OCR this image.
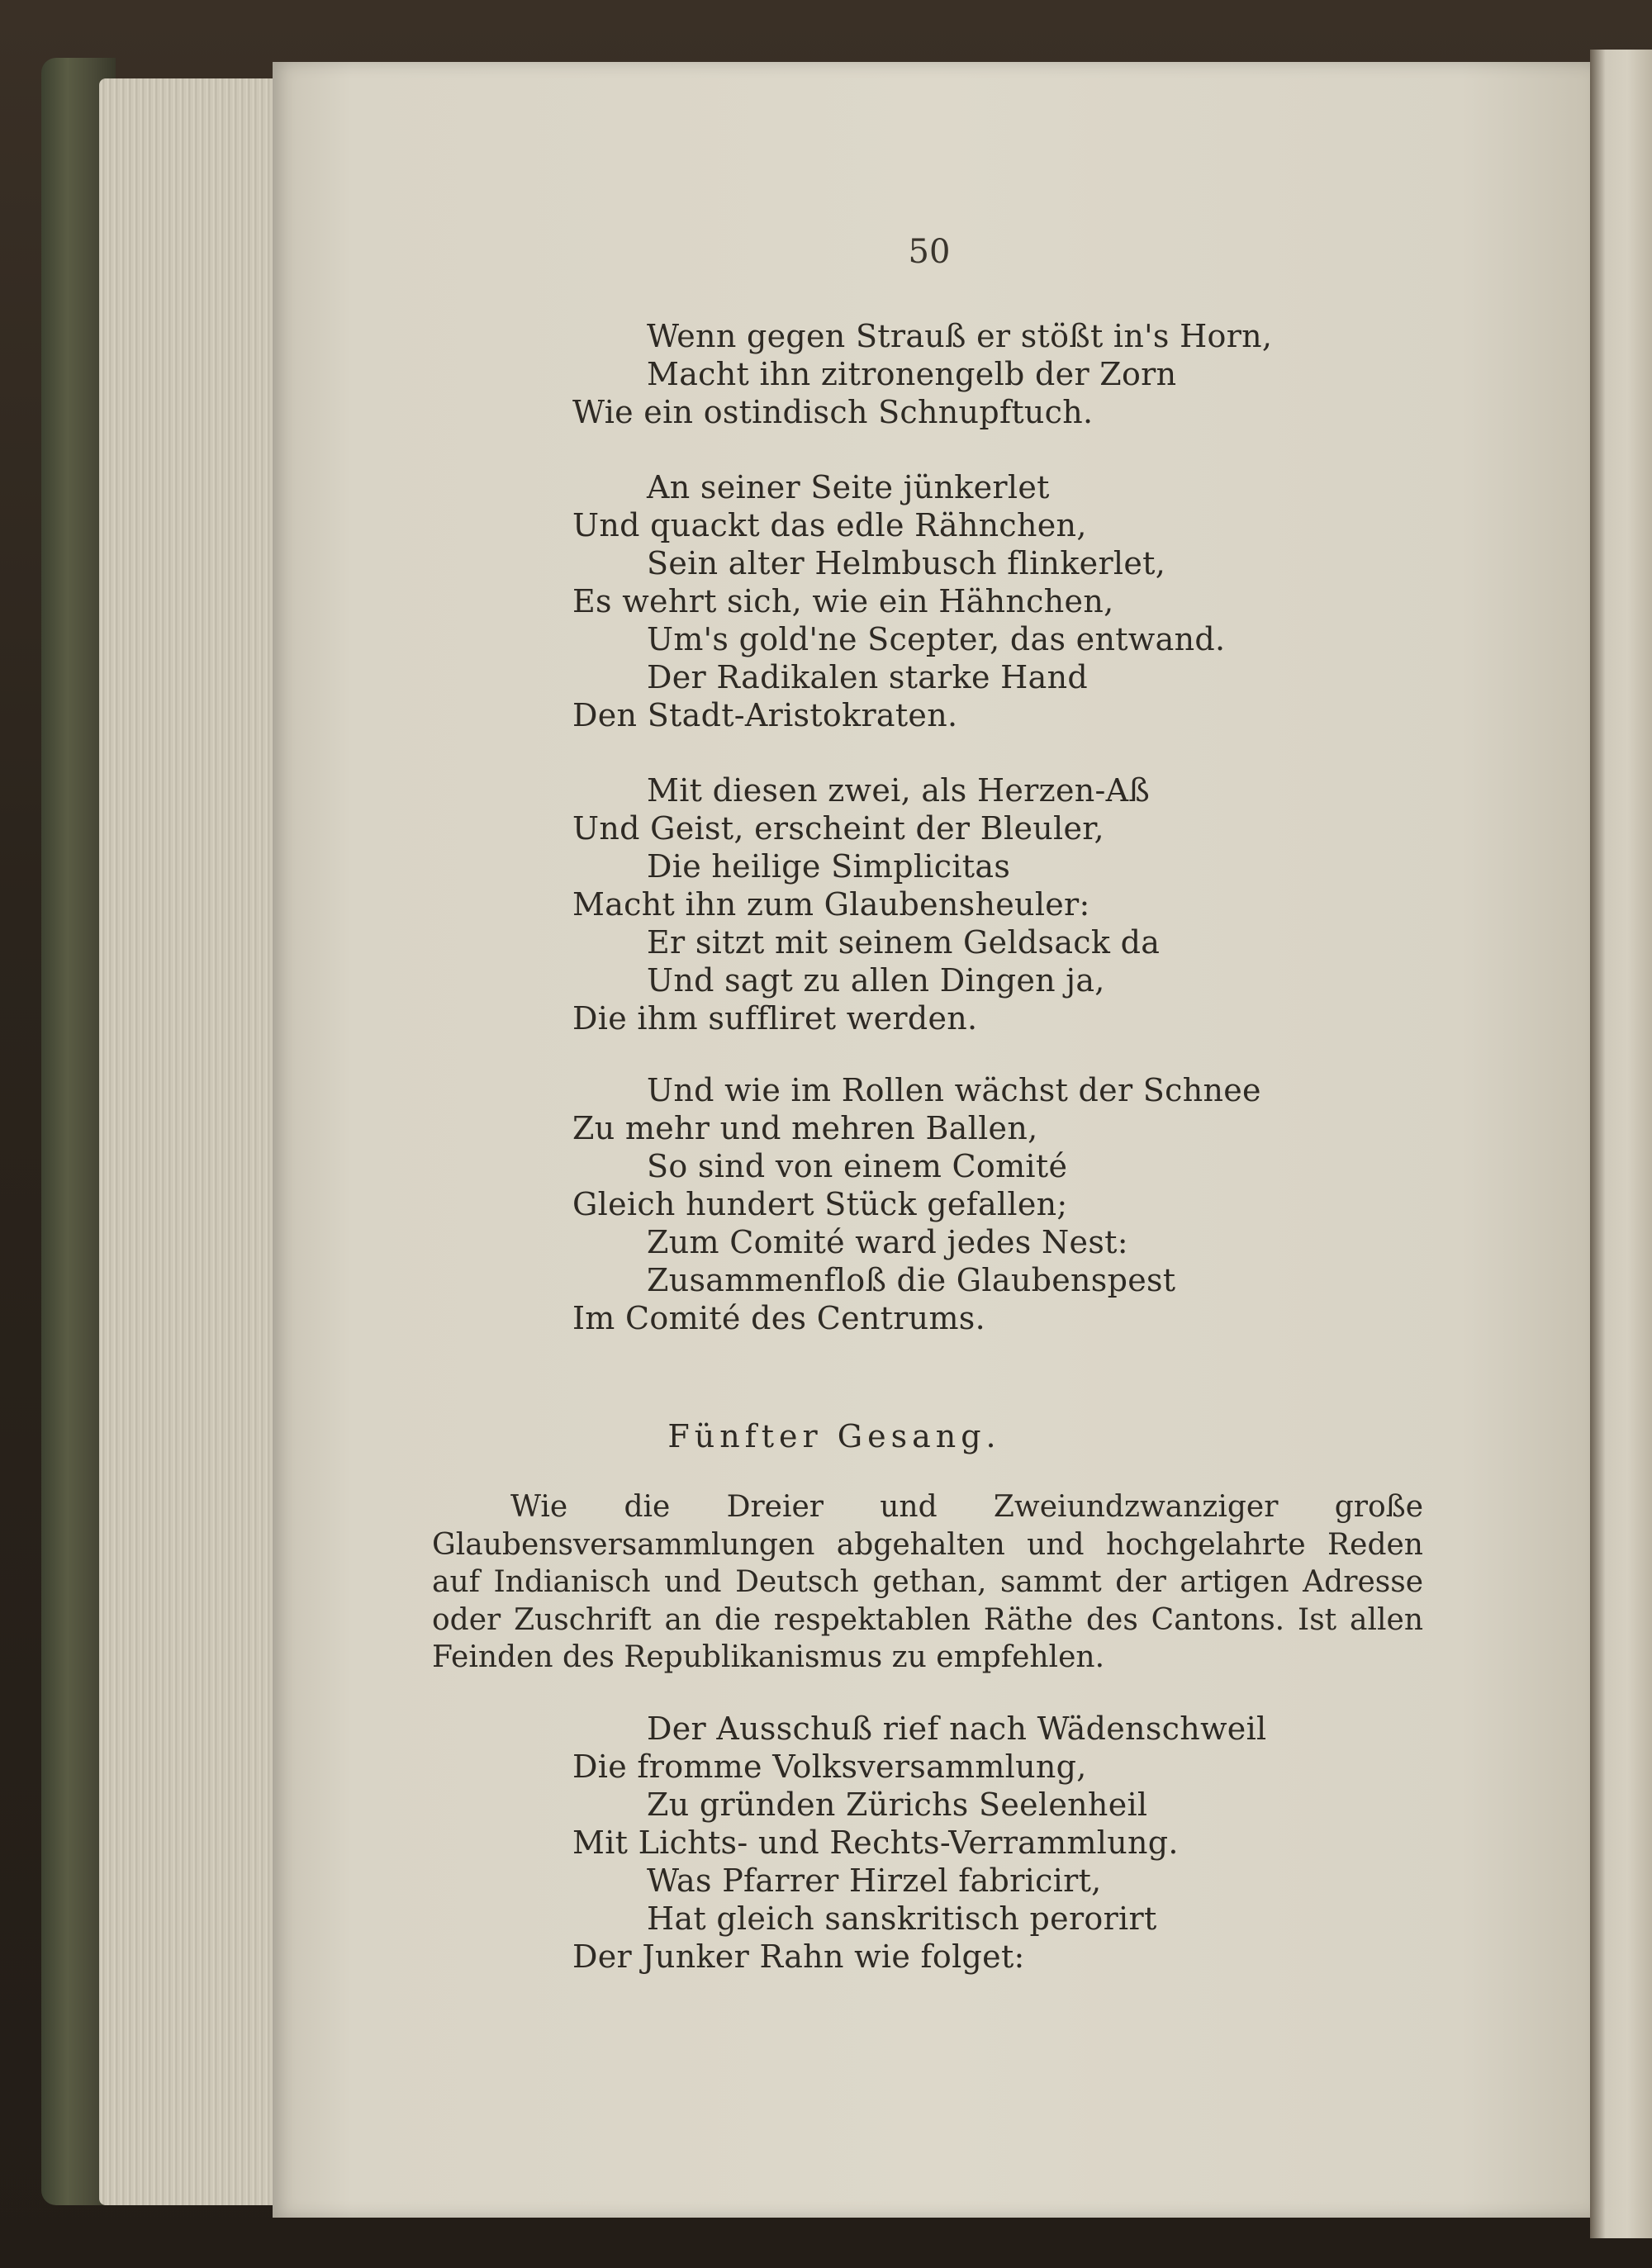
50
Wenn gegen Strauß er stößt in's Horn,
Macht ihn zitronengelb der Zorn
Wie ein ostindisch Schnupftuch.
An seiner Seite jünkerlet
Und quackt das edle Rähnchen,
Sein alter Helmbusch flinkerlet,
Es wehrt sich, wie ein Hähnchen,
Um's gold'ne Scepter, das entwand.
Der Radikalen starke Hand
Den Stadt-Aristokraten.
Mit diesen zwei, als Herzen-Aß
Und Geist, erscheint der Bleuler,
Die heilige Simplicitas
Macht ihn zum Glaubensheuler:
Er sitzt mit seinem Geldsack da
Und sagt zu allen Dingen ja,
Die ihm suffliret werden.
Und wie im Rollen wächst der Schnee
Zu mehr und mehren Ballen,
So sind von einem Comité
Gleich hundert Stück gefallen;
Zum Comité ward jedes Nest:
Zusammenfloß die Glaubenspest
Im Comité des Centrums.
Fünfter Gesang.
Wie die Dreier und Zweiundzwanziger große Glaubensversammlungen abgehalten und hochgelahrte Reden auf Indianisch und Deutsch gethan, sammt der artigen Adresse oder Zuschrift an die respektablen Räthe des Cantons. Ist allen Feinden des Republikanismus zu empfehlen.
Der Ausschuß rief nach Wädenschweil
Die fromme Volksversammlung,
Zu gründen Zürichs Seelenheil
Mit Lichts- und Rechts-Verrammlung.
Was Pfarrer Hirzel fabricirt,
Hat gleich sanskritisch perorirt
Der Junker Rahn wie folget:
